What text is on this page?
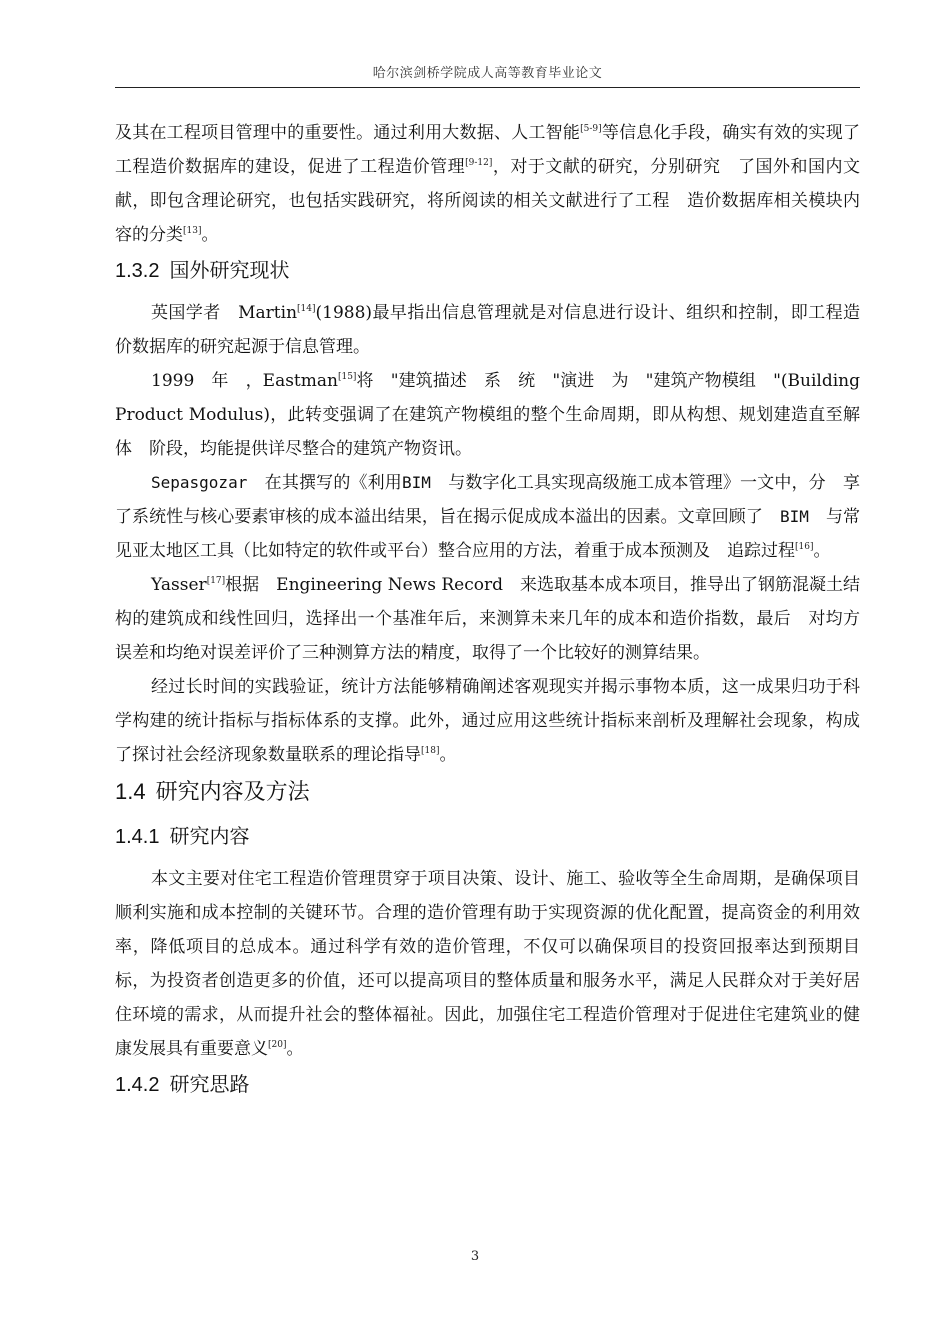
哈尔滨剑桥学院成人高等教育毕业论文

及其在工程项目管理中的重要性。通过利用大数据、人工智能[5-9]等信息化手段，确实有效的实现了工程造价数据库的建设，促进了工程造价管理[9-12]，对于文献的研究，分别研究　了国外和国内文献，即包含理论研究，也包括实践研究，将所阅读的相关文献进行了工程　造价数据库相关模块内容的分类[13]。

1.3.2 国外研究现状

英国学者　Martin[14](1988)最早指出信息管理就是对信息进行设计、组织和控制，即工程造价数据库的研究起源于信息管理。

1999　年　，Eastman[15]将　"建筑描述　系　统　"演进　为　"建筑产物模组　"(Building Product Modulus)，此转变强调了在建筑产物模组的整个生命周期，即从构想、规划建造直至解体　阶段，均能提供详尽整合的建筑产物资讯。

Sepasgozar　在其撰写的《利用BIM　与数字化工具实现高级施工成本管理》一文中，分　享了系统性与核心要素审核的成本溢出结果，旨在揭示促成成本溢出的因素。文章回顾了　BIM　与常见亚太地区工具（比如特定的软件或平台）整合应用的方法，着重于成本预测及　追踪过程[16]。

Yasser[17]根据　Engineering News Record　来选取基本成本项目，推导出了钢筋混凝土结　构的建筑成和线性回归，选择出一个基准年后，来测算未来几年的成本和造价指数，最后　对均方误差和均绝对误差评价了三种测算方法的精度，取得了一个比较好的测算结果。

经过长时间的实践验证，统计方法能够精确阐述客观现实并揭示事物本质，这一成果归功于科学构建的统计指标与指标体系的支撑。此外，通过应用这些统计指标来剖析及理解社会现象，构成了探讨社会经济现象数量联系的理论指导[18]。

1.4 研究内容及方法
1.4.1 研究内容

本文主要对住宅工程造价管理贯穿于项目决策、设计、施工、验收等全生命周期，是确保项目顺利实施和成本控制的关键环节。合理的造价管理有助于实现资源的优化配置，提高资金的利用效率，降低项目的总成本。通过科学有效的造价管理，不仅可以确保项目的投资回报率达到预期目标，为投资者创造更多的价值，还可以提高项目的整体质量和服务水平，满足人民群众对于美好居住环境的需求，从而提升社会的整体福祉。因此，加强住宅工程造价管理对于促进住宅建筑业的健康发展具有重要意义[20]。

1.4.2 研究思路
3
